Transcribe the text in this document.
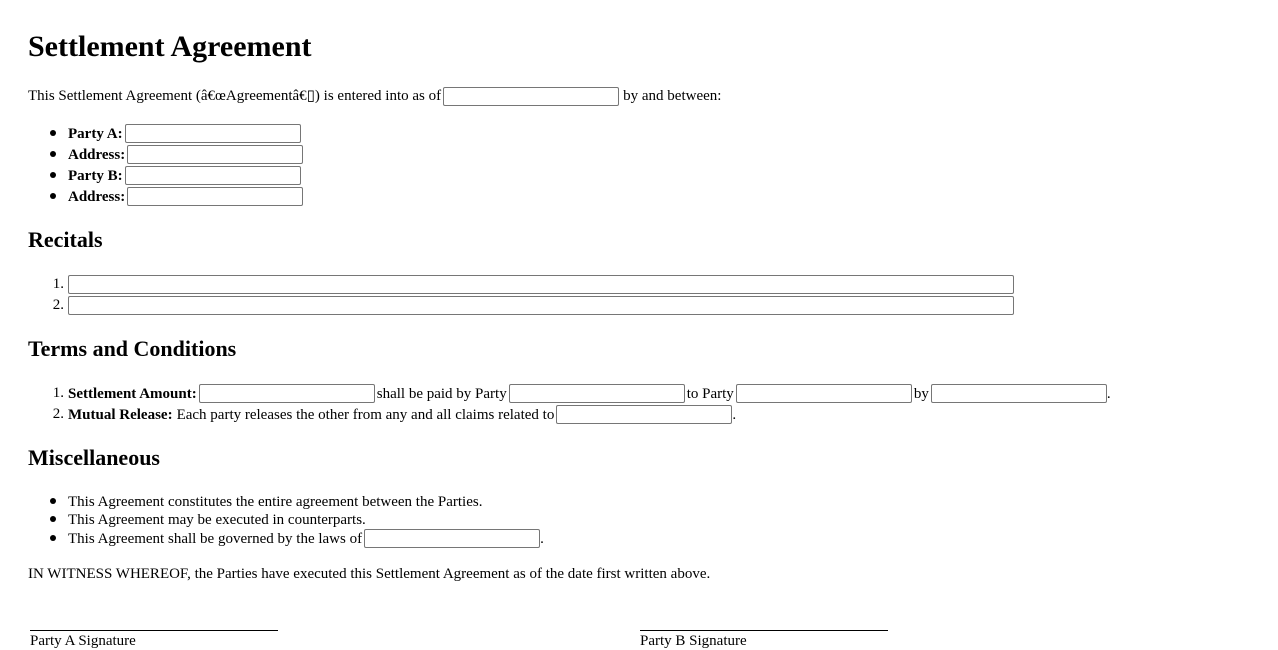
Settlement Agreement
This Settlement Agreement (â€œAgreementâ€▯) is entered into as of	by and between:
Party A:
Address:
Party B:
Address:
Recitals
1.
2.
Terms and Conditions
1. Settlement Amount:	shall be paid by Party	to Party	by	.
2. Mutual Release: Each party releases the other from any and all claims related to	.
Miscellaneous
This Agreement constitutes the entire agreement between the Parties.
This Agreement may be executed in counterparts.
This Agreement shall be governed by the laws of	.
IN WITNESS WHEREOF, the Parties have executed this Settlement Agreement as of the date first written above.
Party A Signature	Party B Signature
